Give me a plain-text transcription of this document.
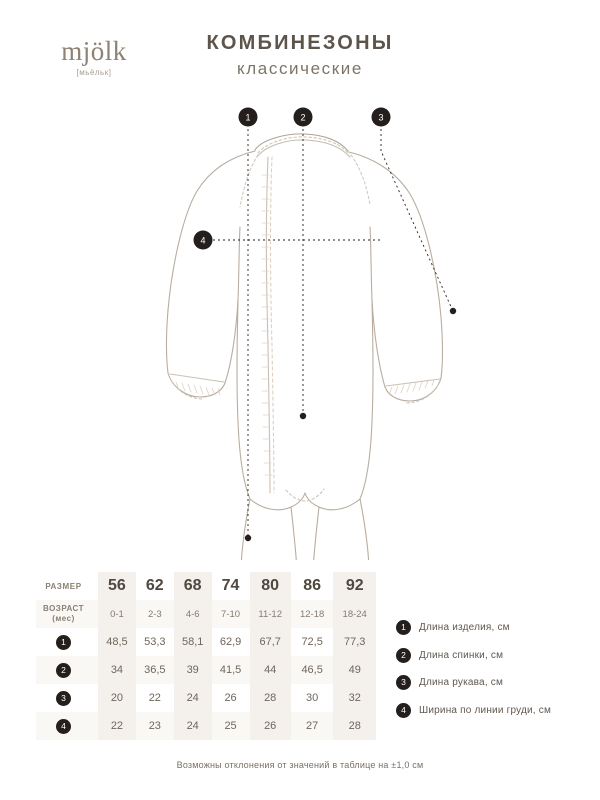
mjölk
[мьёльк]
КОМБИНЕЗОНЫ
классические
1	2	3
4
РАЗМЕР	56	62	68	74	80	86	92
ВОЗРАСТ
(мес)	0-1	2-3	4-6	7-10	11-12	12-18	18-24
1	48,5	53,3	58,1	62,9	67,7	72,5	77,3
2	34	36,5	39	41,5	44	46,5	49
3	20	22	24	26	28	30	32
4	22	23	24	25	26	27	28
1	Длина изделия, см
2	Длина спинки, см
3	Длина рукава, см
4	Ширина по линии груди, см
Возможны отклонения от значений в таблице на ±1,0 см
